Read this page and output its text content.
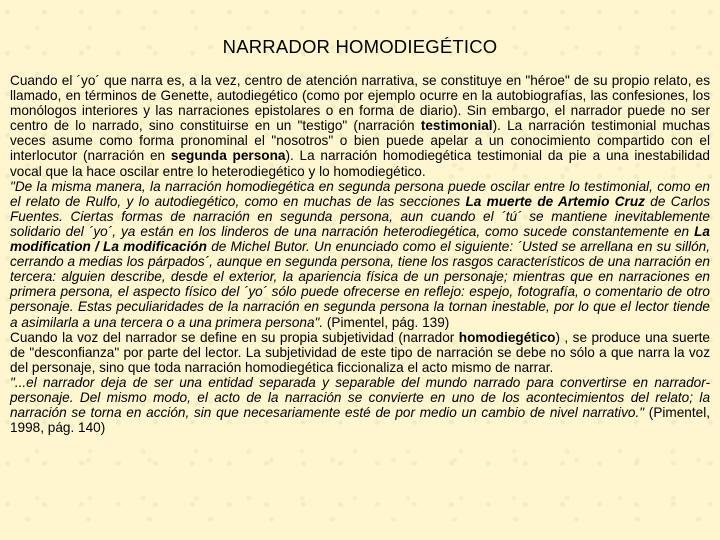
NARRADOR HOMODIEGÉTICO

Cuando el ´yo´ que narra es, a la vez, centro de atención narrativa, se constituye en "héroe" de su propio relato, es llamado, en términos de Genette, autodiegético (como por ejemplo ocurre en la autobiografías, las confesiones, los monólogos interiores y las narraciones epistolares o en forma de diario). Sin embargo, el narrador puede no ser centro de lo narrado, sino constituirse en un "testigo" (narración testimonial). La narración testimonial muchas veces asume como forma pronominal el "nosotros" o bien puede apelar a un conocimiento compartido con el interlocutor (narración en segunda persona). La narración homodiegética testimonial da pie a una inestabilidad vocal que la hace oscilar entre lo heterodiegético y lo homodiegético.

"De la misma manera, la narración homodiegética en segunda persona puede oscilar entre lo testimonial, como en el relato de Rulfo, y lo autodiegético, como en muchas de las secciones La muerte de Artemio Cruz de Carlos Fuentes. Ciertas formas de narración en segunda persona, aun cuando el ´tú´ se mantiene inevitablemente solidario del ´yo´, ya están en los linderos de una narración heterodiegética, como sucede constantemente en La modification / La modificación de Michel Butor. Un enunciado como el siguiente: ´Usted se arrellana en su sillón, cerrando a medias los párpados´, aunque en segunda persona, tiene los rasgos característicos de una narración en tercera: alguien describe, desde el exterior, la apariencia física de un personaje; mientras que en narraciones en primera persona, el aspecto físico del ´yo´ sólo puede ofrecerse en reflejo: espejo, fotografía, o comentario de otro personaje. Estas peculiaridades de la narración en segunda persona la tornan inestable, por lo que el lector tiende a asimilarla a una tercera o a una primera persona". (Pimentel, pág. 139)

Cuando la voz del narrador se define en su propia subjetividad (narrador homodiegético) , se produce una suerte de "desconfianza" por parte del lector. La subjetividad de este tipo de narración se debe no sólo a que narra la voz del personaje, sino que toda narración homodiegética ficcionaliza el acto mismo de narrar.

"...el narrador deja de ser una entidad separada y separable del mundo narrado para convertirse en narrador- personaje. Del mismo modo, el acto de la narración se convierte en uno de los acontecimientos del relato; la narración se torna en acción, sin que necesariamente esté de por medio un cambio de nivel narrativo." (Pimentel, 1998, pág. 140)
